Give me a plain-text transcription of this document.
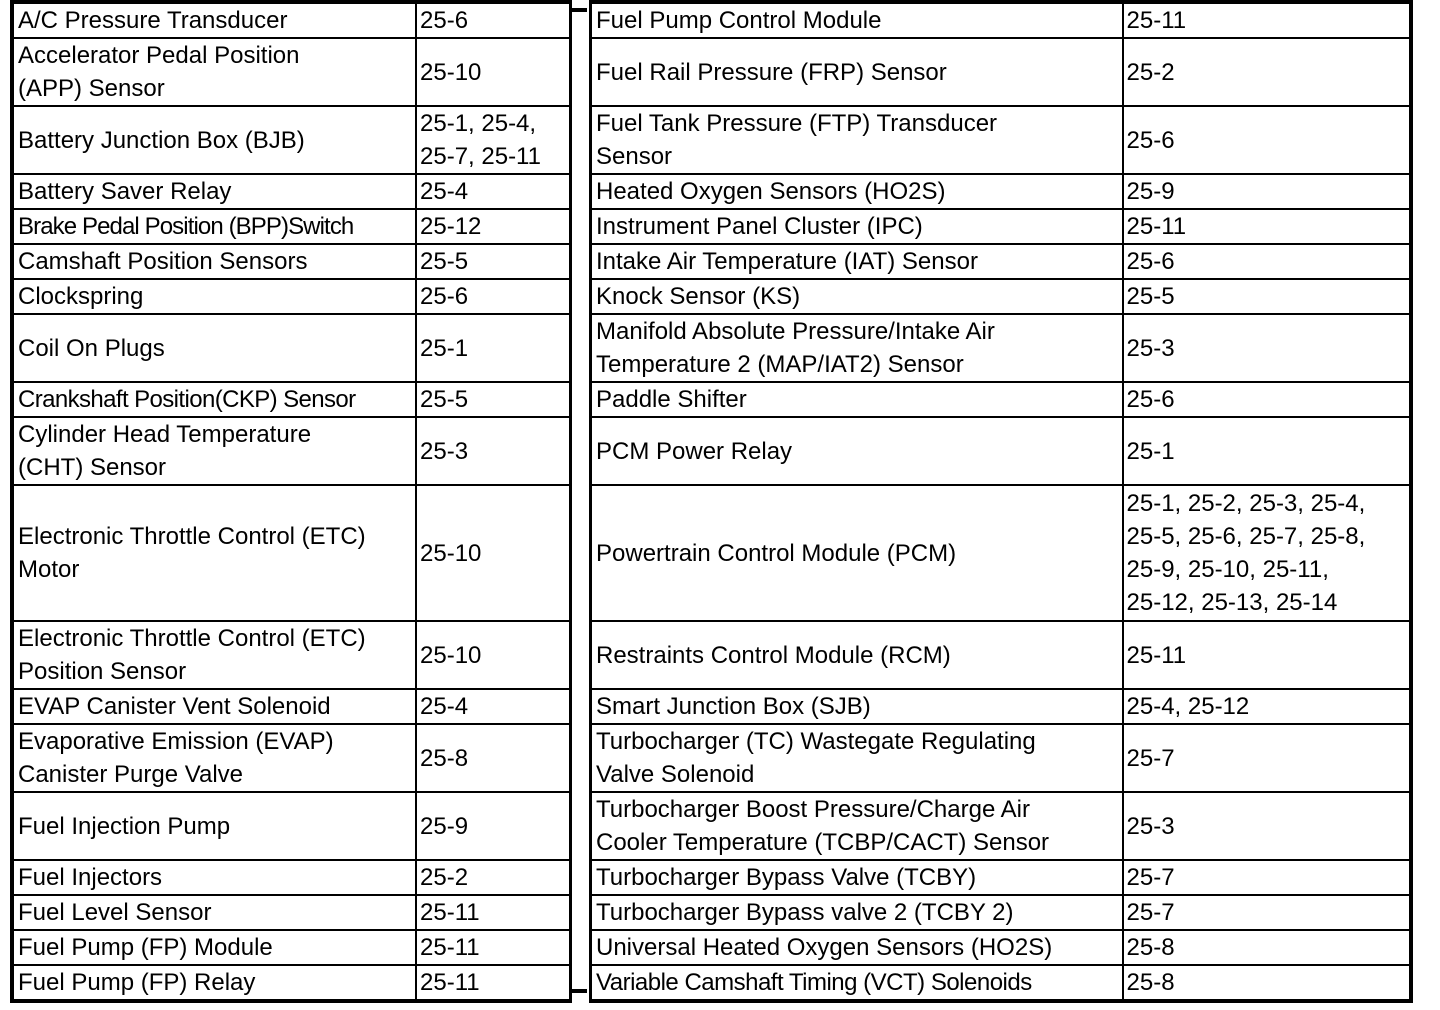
A/C Pressure Transducer	25-6
Accelerator Pedal Position
(APP) Sensor	25-10
Battery Junction Box (BJB)	25-1, 25-4,
25-7, 25-11
Battery Saver Relay	25-4
Brake Pedal Position (BPP)Switch	25-12
Camshaft Position Sensors	25-5
Clockspring	25-6
Coil On Plugs	25-1
Crankshaft Position(CKP) Sensor	25-5
Cylinder Head Temperature
(CHT) Sensor	25-3
Electronic Throttle Control (ETC)
Motor	25-10
Electronic Throttle Control (ETC)
Position Sensor	25-10
EVAP Canister Vent Solenoid	25-4
Evaporative Emission (EVAP)
Canister Purge Valve	25-8
Fuel Injection Pump	25-9
Fuel Injectors	25-2
Fuel Level Sensor	25-11
Fuel Pump (FP) Module	25-11
Fuel Pump (FP) Relay	25-11
Fuel Pump Control Module	25-11
Fuel Rail Pressure (FRP) Sensor	25-2
Fuel Tank Pressure (FTP) Transducer
Sensor	25-6
Heated Oxygen Sensors (HO2S)	25-9
Instrument Panel Cluster (IPC)	25-11
Intake Air Temperature (IAT) Sensor	25-6
Knock Sensor (KS)	25-5
Manifold Absolute Pressure/Intake Air
Temperature 2 (MAP/IAT2) Sensor	25-3
Paddle Shifter	25-6
PCM Power Relay	25-1
Powertrain Control Module (PCM)	25-1, 25-2, 25-3, 25-4,
25-5, 25-6, 25-7, 25-8,
25-9, 25-10, 25-11,
25-12, 25-13, 25-14
Restraints Control Module (RCM)	25-11
Smart Junction Box (SJB)	25-4, 25-12
Turbocharger (TC) Wastegate Regulating
Valve Solenoid	25-7
Turbocharger Boost Pressure/Charge Air
Cooler Temperature (TCBP/CACT) Sensor	25-3
Turbocharger Bypass Valve (TCBY)	25-7
Turbocharger Bypass valve 2 (TCBY 2)	25-7
Universal Heated Oxygen Sensors (HO2S)	25-8
Variable Camshaft Timing (VCT) Solenoids	25-8
